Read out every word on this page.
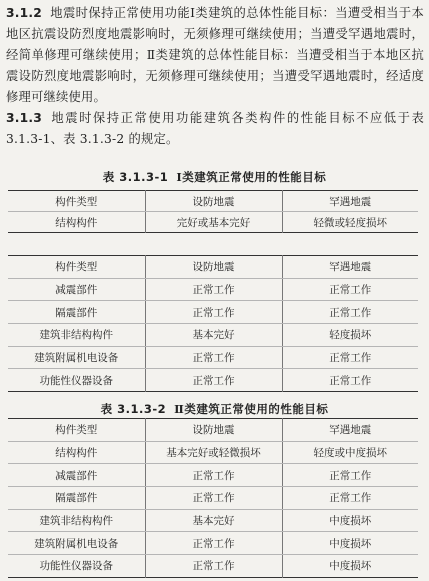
3.1.2 地震时保持正常使用功能Ⅰ类建筑的总体性能目标：当遭受相当于本地区抗震设防烈度地震影响时，无须修理可继续使用；当遭受罕遇地震时，经简单修理可继续使用；Ⅱ类建筑的总体性能目标：当遭受相当于本地区抗震设防烈度地震影响时，无须修理可继续使用；当遭受罕遇地震时，经适度修理可继续使用。

3.1.3 地震时保持正常使用功能建筑各类构件的性能目标不应低于表 3.1.3-1、表 3.1.3-2 的规定。

表 3.1.3-1 Ⅰ类建筑正常使用的性能目标
构件类型	设防地震	罕遇地震
结构构件	完好或基本完好	轻微或轻度损坏
构件类型	设防地震	罕遇地震
减震部件	正常工作	正常工作
隔震部件	正常工作	正常工作
建筑非结构构件	基本完好	轻度损坏
建筑附属机电设备	正常工作	正常工作
功能性仪器设备	正常工作	正常工作
表 3.1.3-2 Ⅱ类建筑正常使用的性能目标
构件类型	设防地震	罕遇地震
结构构件	基本完好或轻微损坏	轻度或中度损坏
减震部件	正常工作	正常工作
隔震部件	正常工作	正常工作
建筑非结构构件	基本完好	中度损坏
建筑附属机电设备	正常工作	中度损坏
功能性仪器设备	正常工作	中度损坏
